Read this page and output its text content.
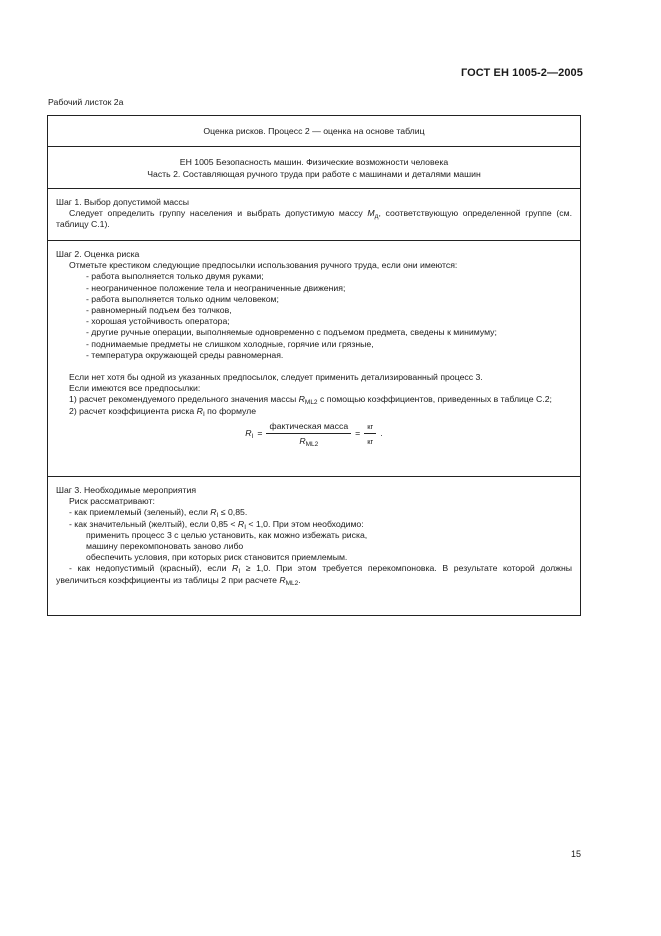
ГОСТ ЕН 1005-2—2005
Рабочий листок 2а
Оценка рисков. Процесс 2 — оценка на основе таблиц
ЕН 1005 Безопасность машин. Физические возможности человека
Часть 2. Составляющая ручного труда при работе с машинами и деталями машин
Шаг 1. Выбор допустимой массы
Следует определить группу населения и выбрать допустимую массу $M_д$, соответствующую определенной группе (см. таблицу С.1).
Шаг 2. Оценка риска
Отметьте крестиком следующие предпосылки использования ручного труда, если они имеются:
- работа выполняется только двумя руками;
- неограниченное положение тела и неограниченные движения;
- работа выполняется только одним человеком;
- равномерный подъем без толчков,
- хорошая устойчивость оператора;
- другие ручные операции, выполняемые одновременно с подъемом предмета, сведены к минимуму;
- поднимаемые предметы не слишком холодные, горячие или грязные,
- температура окружающей среды равномерная.
Если нет хотя бы одной из указанных предпосылок, следует применить детализированный процесс 3.
Если имеются все предпосылки:
1) расчет рекомендуемого предельного значения массы $R_{ML2}$ с помощью коэффициентов, приведенных в таблице С.2;
2) расчет коэффициента риска $R_I$ по формуле
$R_I = \frac{\text{фактическая масса}}{R_{ML2}} = \frac{кг}{кг}$ .
Шаг 3. Необходимые мероприятия
Риск рассматривают:
- как приемлемый (зеленый), если $R_I \le 0,85$.
- как значительный (желтый), если $0,85 < R_I < 1,0$. При этом необходимо:
применить процесс 3 с целью установить, как можно избежать риска,
машину перекомпоновать заново либо
обеспечить условия, при которых риск становится приемлемым.
- как недопустимый (красный), если $R_I \ge 1,0$. При этом требуется перекомпоновка. В результате которой должны увеличиться коэффициенты из таблицы 2 при расчете $R_{ML2}$.
15
